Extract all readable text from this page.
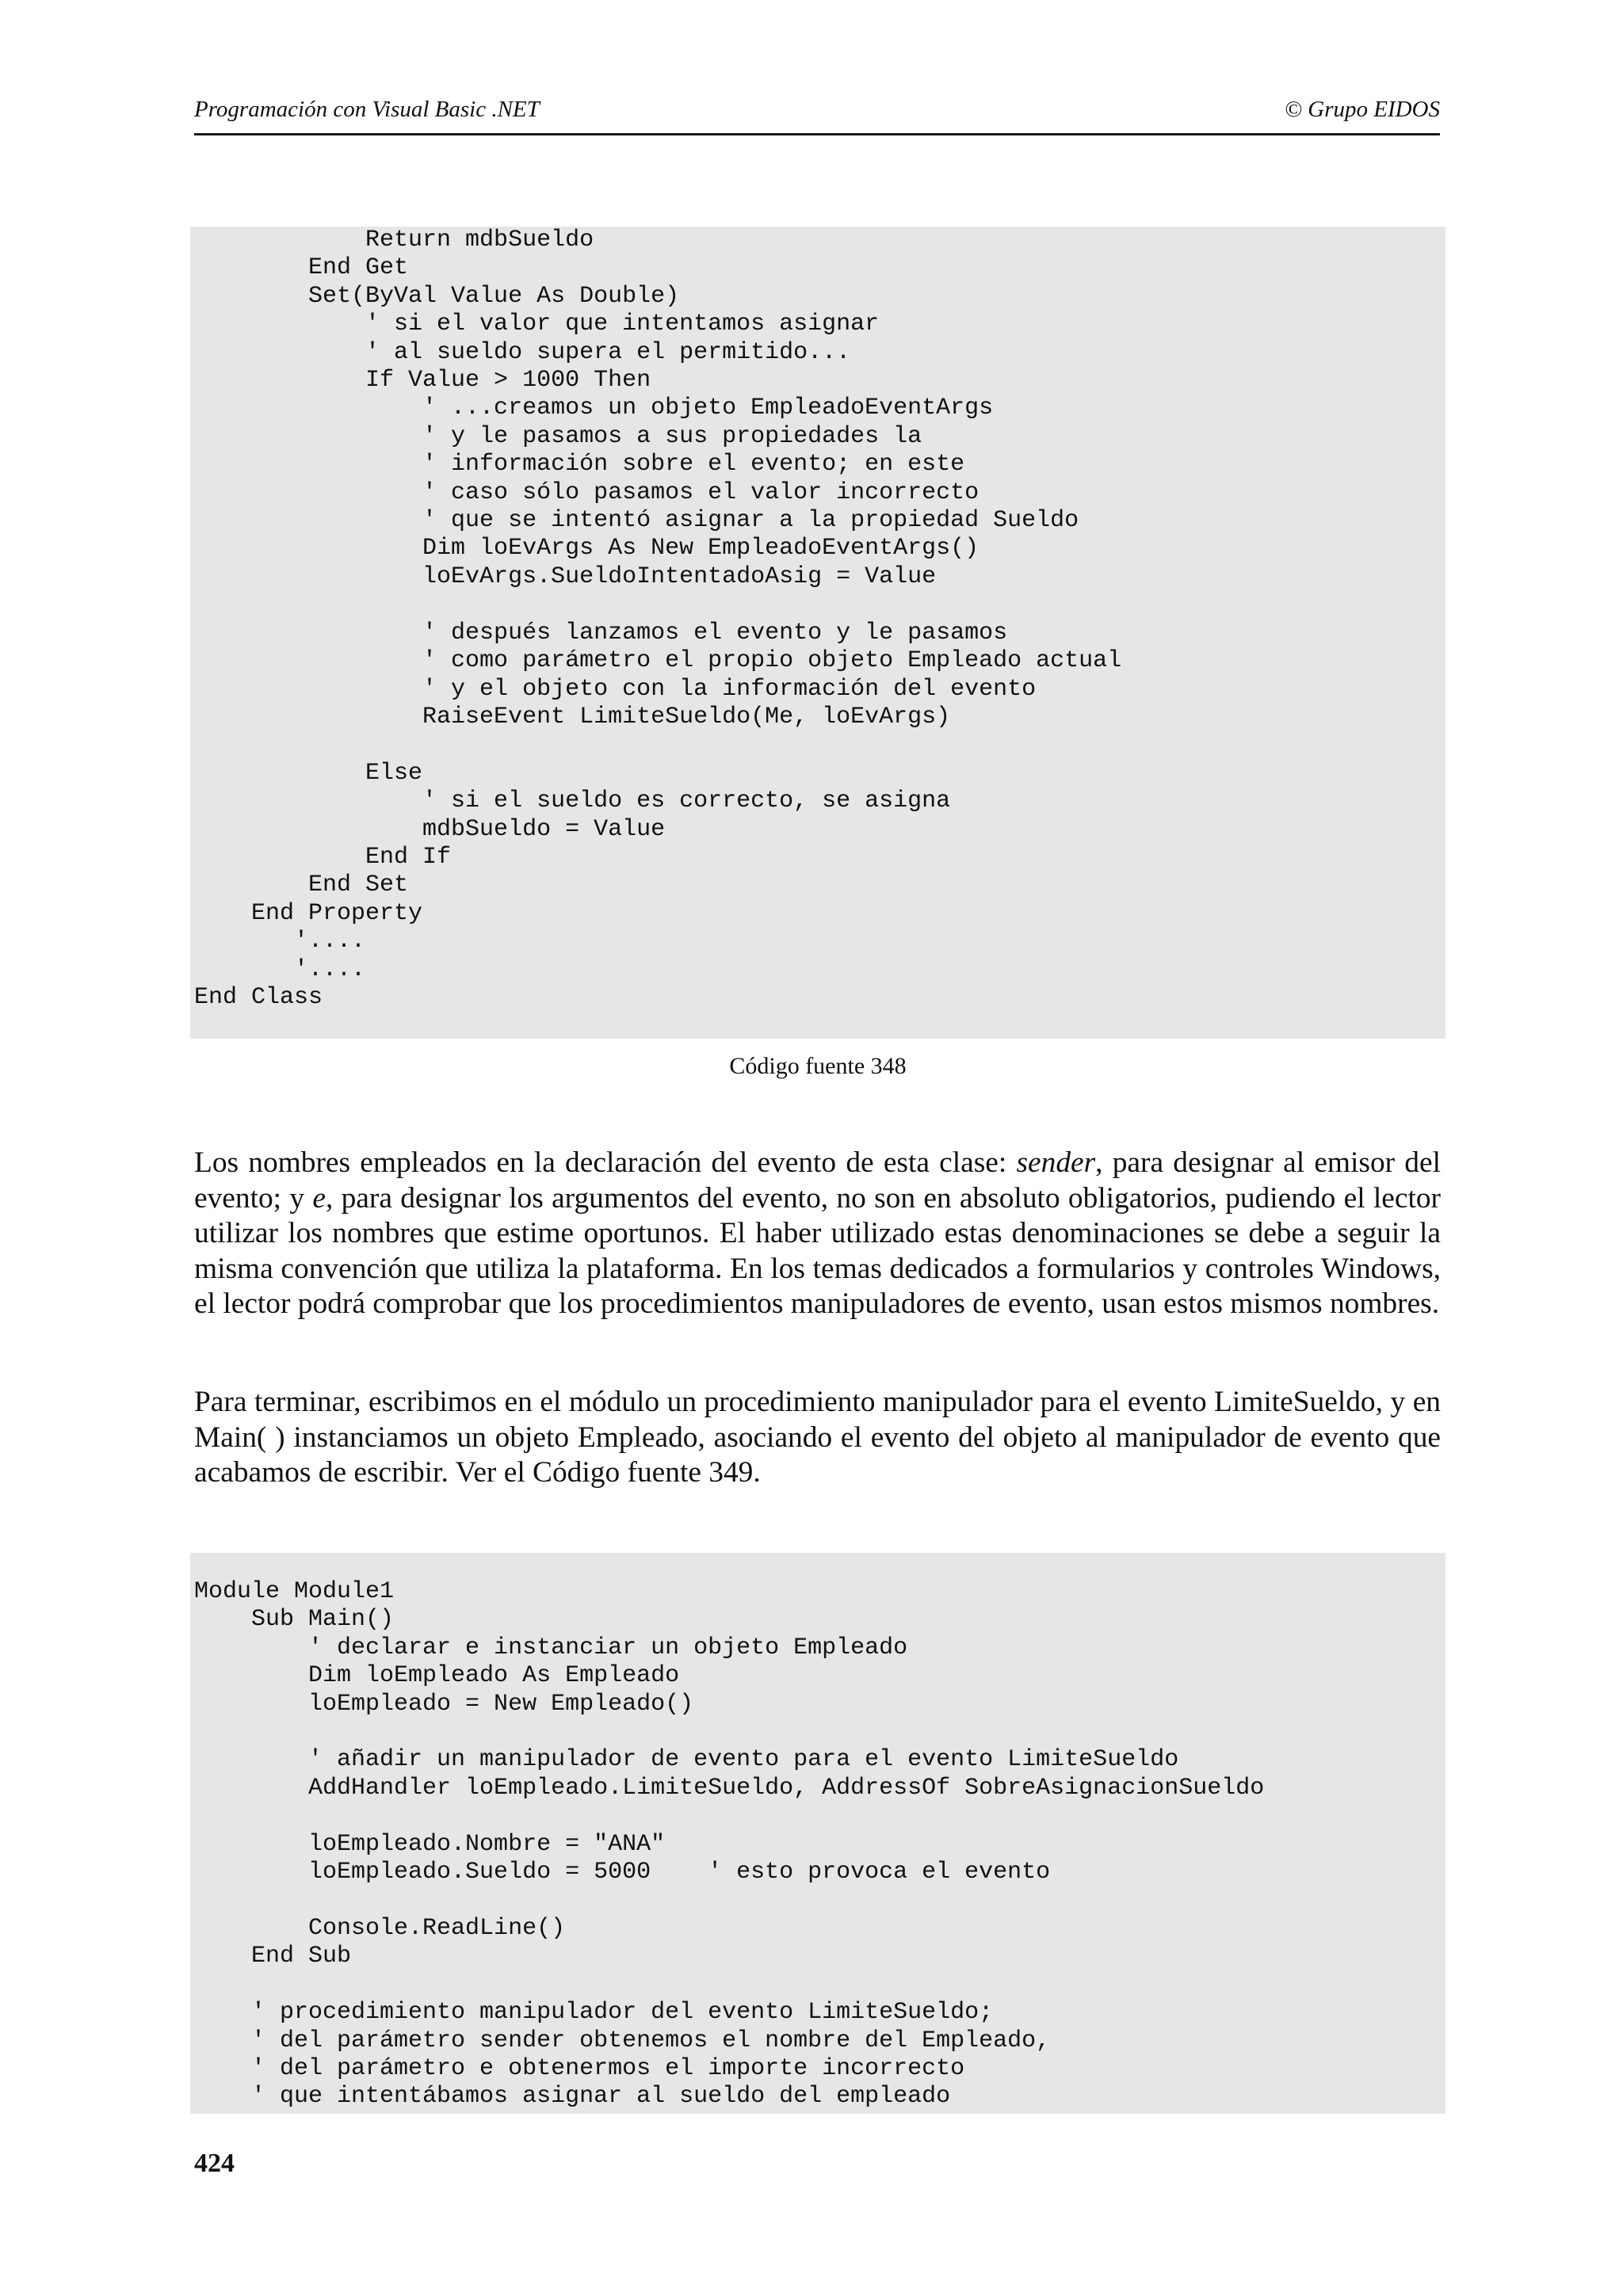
Programación con Visual Basic .NET	© Grupo EIDOS
Return mdbSueldo
End Get
Set(ByVal Value As Double)
' si el valor que intentamos asignar
' al sueldo supera el permitido...
If Value > 1000 Then
' ...creamos un objeto EmpleadoEventArgs
' y le pasamos a sus propiedades la
' información sobre el evento; en este
' caso sólo pasamos el valor incorrecto
' que se intentó asignar a la propiedad Sueldo
Dim loEvArgs As New EmpleadoEventArgs()
loEvArgs.SueldoIntentadoAsig = Value

' después lanzamos el evento y le pasamos
' como parámetro el propio objeto Empleado actual
' y el objeto con la información del evento
RaiseEvent LimiteSueldo(Me, loEvArgs)

Else
' si el sueldo es correcto, se asigna
mdbSueldo = Value
End If
End Set
End Property
'....
'....
End Class
Código fuente 348

Los nombres empleados en la declaración del evento de esta clase: sender, para designar al emisor del evento; y e, para designar los argumentos del evento, no son en absoluto obligatorios, pudiendo el lector utilizar los nombres que estime oportunos. El haber utilizado estas denominaciones se debe a seguir la misma convención que utiliza la plataforma. En los temas dedicados a formularios y controles Windows, el lector podrá comprobar que los procedimientos manipuladores de evento, usan estos mismos nombres.

Para terminar, escribimos en el módulo un procedimiento manipulador para el evento LimiteSueldo, y en Main( ) instanciamos un objeto Empleado, asociando el evento del objeto al manipulador de evento que acabamos de escribir. Ver el Código fuente 349.

Module Module1
Sub Main()
' declarar e instanciar un objeto Empleado
Dim loEmpleado As Empleado
loEmpleado = New Empleado()

' añadir un manipulador de evento para el evento LimiteSueldo
AddHandler loEmpleado.LimiteSueldo, AddressOf SobreAsignacionSueldo

loEmpleado.Nombre = "ANA"
loEmpleado.Sueldo = 5000    ' esto provoca el evento

Console.ReadLine()
End Sub

' procedimiento manipulador del evento LimiteSueldo;
' del parámetro sender obtenemos el nombre del Empleado,
' del parámetro e obtenermos el importe incorrecto
' que intentábamos asignar al sueldo del empleado
424
